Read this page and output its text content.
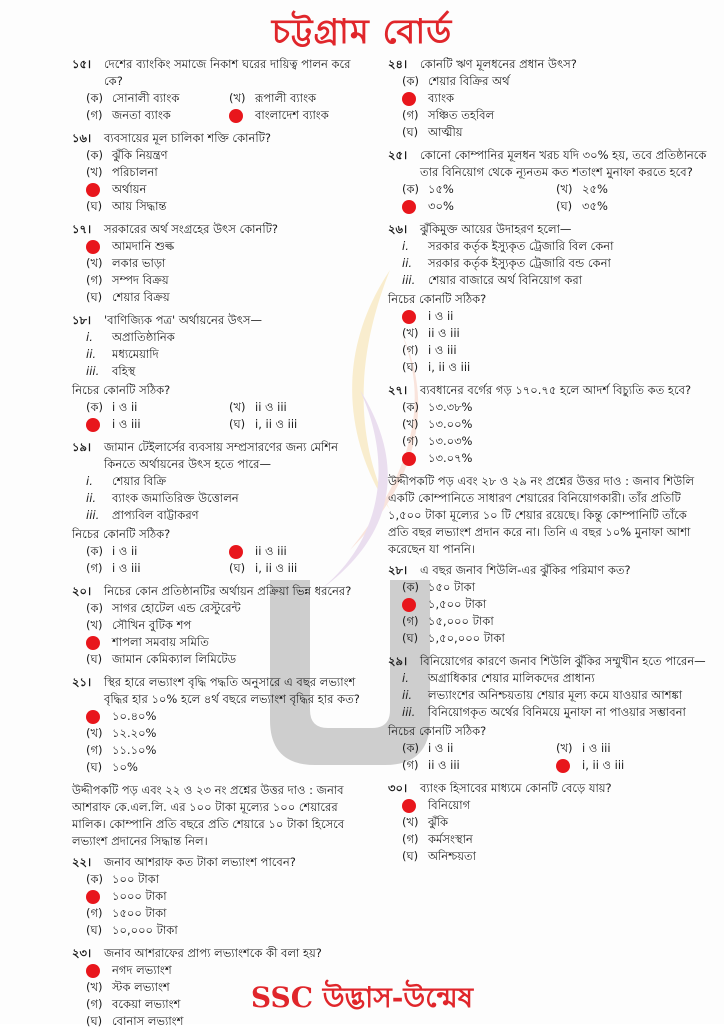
চট্টগ্রাম বোর্ড
১৫।	দেশের ব্যাংকিং সমাজে নিকাশ ঘরের দায়িত্ব পালন করে কে?
(ক) সোনালী ব্যাংক	(খ) রূপালী ব্যাংক
(গ) জনতা ব্যাংক	বাংলাদেশ ব্যাংক
১৬।	ব্যবসায়ের মূল চালিকা শক্তি কোনটি?
(ক) ঝুঁকি নিয়ন্ত্রণ
(খ) পরিচালনা
অর্থায়ন
(ঘ) আয় সিদ্ধান্ত
১৭।	সরকারের অর্থ সংগ্রহের উৎস কোনটি?
আমদানি শুল্ক
(খ) লকার ভাড়া
(গ) সম্পদ বিক্রয়
(ঘ) শেয়ার বিক্রয়
১৮।	'বাণিজ্যিক পত্র' অর্থায়নের উৎস—
i.	অপ্রাতিষ্ঠানিক
ii.	মধ্যমেয়াদি
iii.	বহিস্থ
নিচের কোনটি সঠিক?
(ক) i ও ii	(খ) ii ও iii
i ও iii	(ঘ) i, ii ও iii
১৯।	জামান টেইলার্সের ব্যবসায় সম্প্রসারণের জন্য মেশিন কিনতে অর্থায়নের উৎস হতে পারে—
i.	শেয়ার বিক্রি
ii.	ব্যাংক জমাতিরিক্ত উত্তোলন
iii.	প্রাপ্যবিল বাট্টাকরণ
নিচের কোনটি সঠিক?
(ক) i ও ii	ii ও iii
(গ) i ও iii	(ঘ) i, ii ও iii
২০।	নিচের কোন প্রতিষ্ঠানটির অর্থায়ন প্রক্রিয়া ভিন্ন ধরনের?
(ক) সাগর হোটেল এন্ড রেস্টুরেন্ট
(খ) সৌখিন বুটিক শপ
শাপলা সমবায় সমিতি
(ঘ) জামান কেমিক্যাল লিমিটেড
২১।	স্থির হারে লভ্যাংশ বৃদ্ধি পদ্ধতি অনুসারে এ বছর লভ্যাংশ বৃদ্ধির হার ১০% হলে ৪র্থ বছরে লভ্যাংশ বৃদ্ধির হার কত?
১০.৪০%
(খ) ১২.২০%
(গ) ১১.১০%
(ঘ) ১০%
উদ্দীপকটি পড় এবং ২২ ও ২৩ নং প্রশ্নের উত্তর দাও : জনাব আশরাফ কে.এল.লি. এর ১০০ টাকা মূল্যের ১০০ শেয়ারের মালিক। কোম্পানি প্রতি বছরে প্রতি শেয়ারে ১০ টাকা হিসেবে লভ্যাংশ প্রদানের সিদ্ধান্ত নিল।
২২।	জনাব আশরাফ কত টাকা লভ্যাংশ পাবেন?
(ক) ১০০ টাকা
১০০০ টাকা
(গ) ১৫০০ টাকা
(ঘ) ১০,০০০ টাকা
২৩।	জনাব আশরাফের প্রাপ্য লভ্যাংশকে কী বলা হয়?
নগদ লভ্যাংশ
(খ) স্টক লভ্যাংশ
(গ) বকেয়া লভ্যাংশ
(ঘ) বোনাস লভ্যাংশ
২৪।	কোনটি ঋণ মূলধনের প্রধান উৎস?
(ক) শেয়ার বিক্রির অর্থ
ব্যাংক
(গ) সঞ্চিত তহবিল
(ঘ) আত্মীয়
২৫।	কোনো কোম্পানির মূলধন খরচ যদি ৩০% হয়, তবে প্রতিষ্ঠানকে তার বিনিয়োগ থেকে ন্যূনতম কত শতাংশ মুনাফা করতে হবে?
(ক) ১৫%	(খ) ২৫%
৩০%	(ঘ) ৩৫%
২৬।	ঝুঁকিমুক্ত আয়ের উদাহরণ হলো—
i.	সরকার কর্তৃক ইস্যুকৃত ট্রেজারি বিল কেনা
ii.	সরকার কর্তৃক ইস্যুকৃত ট্রেজারি বন্ড কেনা
iii.	শেয়ার বাজারে অর্থ বিনিয়োগ করা
নিচের কোনটি সঠিক?
i ও ii
(খ) ii ও iii
(গ) i ও iii
(ঘ) i, ii ও iii
২৭।	ব্যবধানের বর্গের গড় ১৭০.৭৫ হলে আদর্শ বিচ্যুতি কত হবে?
(ক) ১৩.৩৮%
(খ) ১৩.০০%
(গ) ১৩.০৩%
১৩.০৭%
উদ্দীপকটি পড় এবং ২৮ ও ২৯ নং প্রশ্নের উত্তর দাও : জনাব শিউলি একটি কোম্পানিতে সাধারণ শেয়ারের বিনিয়োগকারী। তাঁর প্রতিটি ১,৫০০ টাকা মূল্যের ১০ টি শেয়ার রয়েছে। কিন্তু কোম্পানিটি তাঁকে প্রতি বছর লভ্যাংশ প্রদান করে না। তিনি এ বছর ১০% মুনাফা আশা করেছেন যা পাননি।
২৮।	এ বছর জনাব শিউলি-এর ঝুঁকির পরিমাণ কত?
(ক) ১৫০ টাকা
১,৫০০ টাকা
(গ) ১৫,০০০ টাকা
(ঘ) ১,৫০,০০০ টাকা
২৯।	বিনিয়োগের কারণে জনাব শিউলি ঝুঁকির সম্মুখীন হতে পারেন—
i.	অগ্রাধিকার শেয়ার মালিকদের প্রাধান্য
ii.	লভ্যাংশের অনিশ্চয়তায় শেয়ার মূল্য কমে যাওয়ার আশঙ্কা
iii.	বিনিয়োগকৃত অর্থের বিনিময়ে মুনাফা না পাওয়ার সম্ভাবনা
নিচের কোনটি সঠিক?
(ক) i ও ii	(খ) i ও iii
(গ) ii ও iii	i, ii ও iii
৩০।	ব্যাংক হিসাবের মাধ্যমে কোনটি বেড়ে যায়?
বিনিয়োগ
(খ) ঝুঁকি
(গ) কর্মসংস্থান
(ঘ) অনিশ্চয়তা
SSC উদ্ভাস-উন্মেষ
